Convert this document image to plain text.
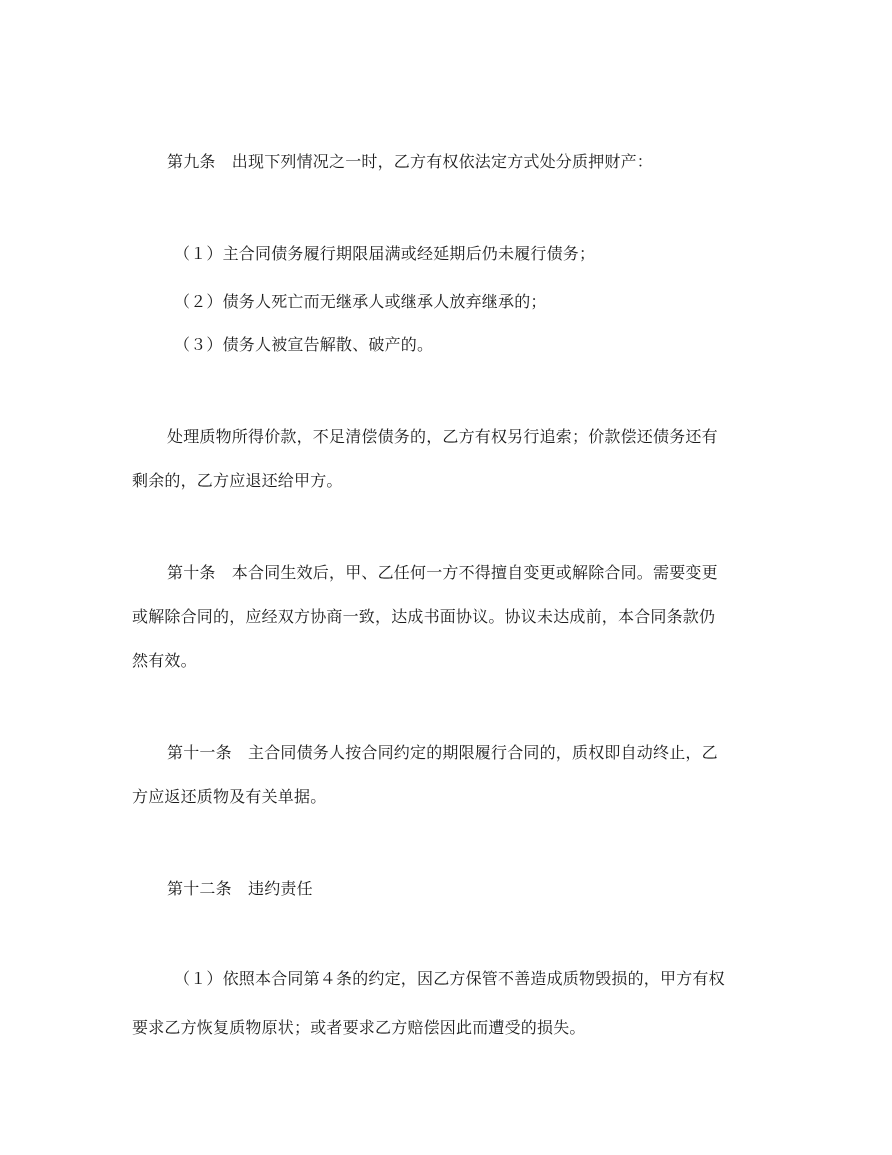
第九条　出现下列情况之一时，乙方有权依法定方式处分质押财产：
（１）主合同债务履行期限届满或经延期后仍未履行债务；
（２）债务人死亡而无继承人或继承人放弃继承的；
（３）债务人被宣告解散、破产的。
处理质物所得价款，不足清偿债务的，乙方有权另行追索；价款偿还债务还有
剩余的，乙方应退还给甲方。
第十条　本合同生效后，甲、乙任何一方不得擅自变更或解除合同。需要变更
或解除合同的，应经双方协商一致，达成书面协议。协议未达成前，本合同条款仍
然有效。
第十一条　主合同债务人按合同约定的期限履行合同的，质权即自动终止，乙
方应返还质物及有关单据。
第十二条　违约责任
（１）依照本合同第４条的约定，因乙方保管不善造成质物毁损的，甲方有权
要求乙方恢复质物原状；或者要求乙方赔偿因此而遭受的损失。
